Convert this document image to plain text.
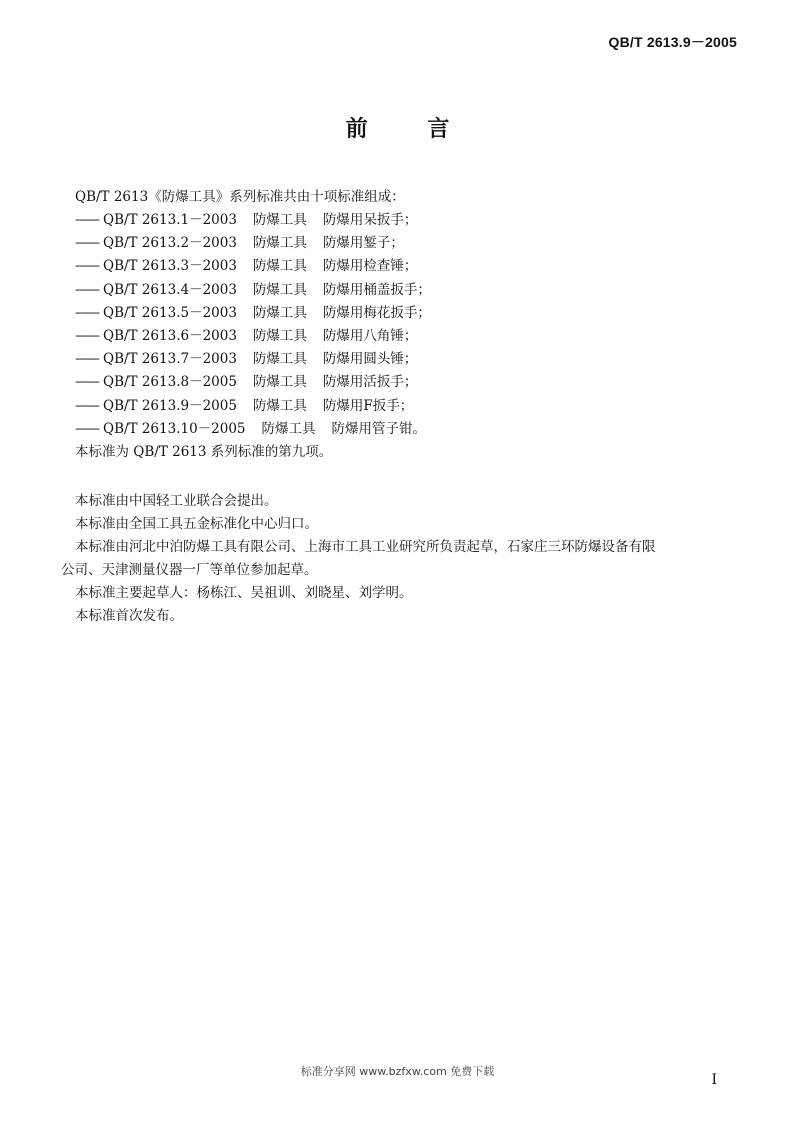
QB/T 2613.9－2005
前 言
QB/T 2613《防爆工具》系列标准共由十项标准组成：
—— QB/T 2613.1－2003 防爆工具 防爆用呆扳手；
—— QB/T 2613.2－2003 防爆工具 防爆用錾子；
—— QB/T 2613.3－2003 防爆工具 防爆用检查锤；
—— QB/T 2613.4－2003 防爆工具 防爆用桶盖扳手；
—— QB/T 2613.5－2003 防爆工具 防爆用梅花扳手；
—— QB/T 2613.6－2003 防爆工具 防爆用八角锤；
—— QB/T 2613.7－2003 防爆工具 防爆用圆头锤；
—— QB/T 2613.8－2005 防爆工具 防爆用活扳手；
—— QB/T 2613.9－2005 防爆工具 防爆用F扳手；
—— QB/T 2613.10－2005 防爆工具 防爆用管子钳。
本标准为 QB/T 2613 系列标准的第九项。
本标准由中国轻工业联合会提出。
本标准由全国工具五金标准化中心归口。
本标准由河北中泊防爆工具有限公司、上海市工具工业研究所负责起草，石家庄三环防爆设备有限
公司、天津测量仪器一厂等单位参加起草。
本标准主要起草人：杨栋江、吴祖训、刘晓星、刘学明。
本标准首次发布。
标准分享网 www.bzfxw.com 免费下载
I
